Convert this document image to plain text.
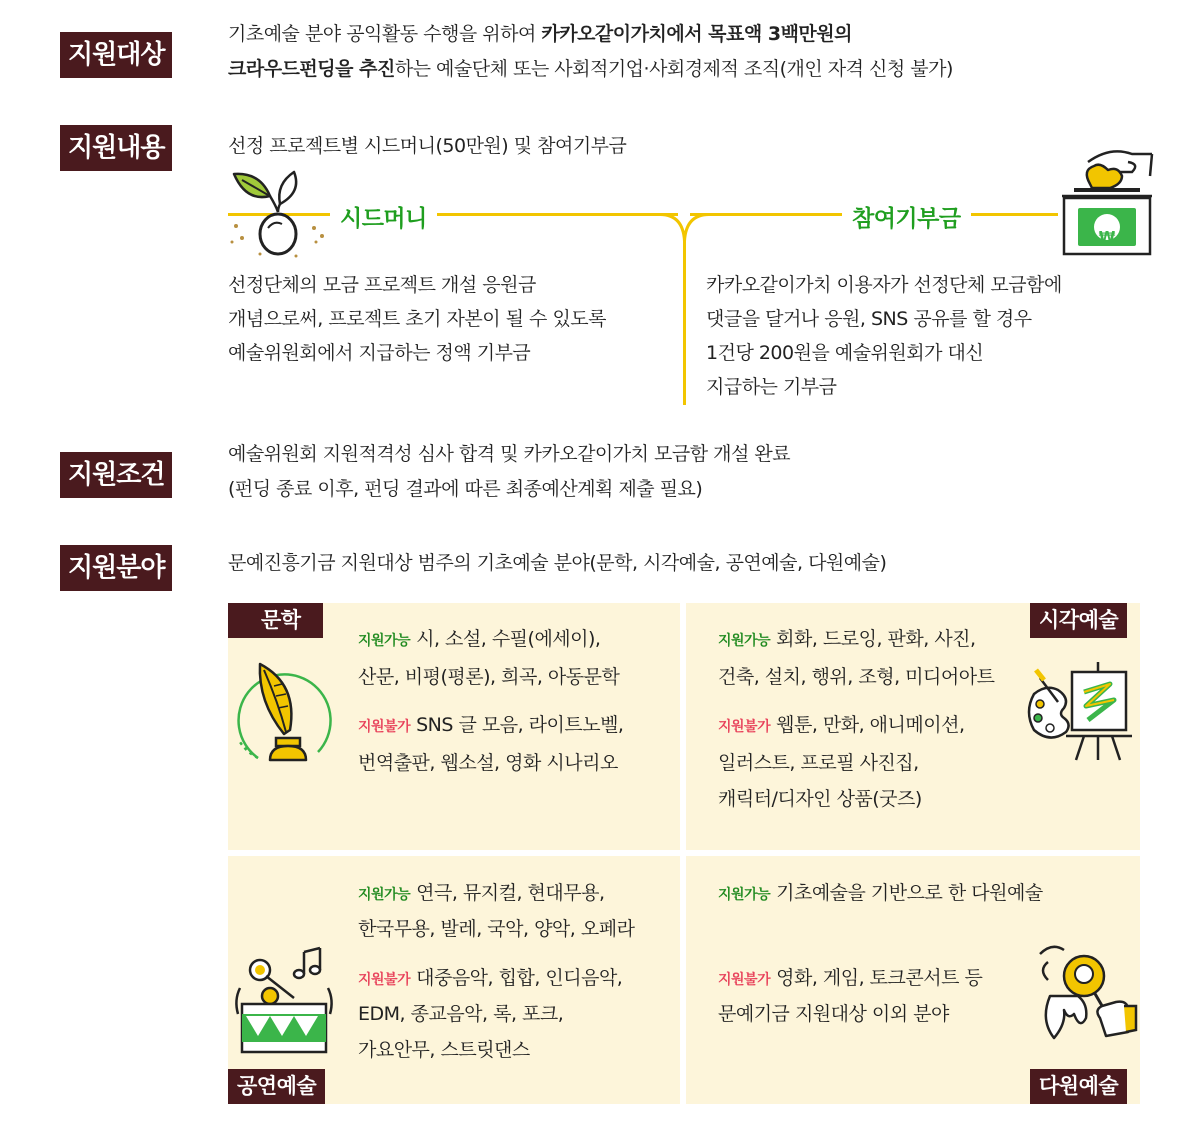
지원대상
기초예술 분야 공익활동 수행을 위하여 카카오같이가치에서 목표액 3백만원의
크라우드펀딩을 추진하는 예술단체 또는 사회적기업·사회경제적 조직(개인 자격 신청 불가)
지원내용	선정 프로젝트별 시드머니(50만원) 및 참여기부금
시드머니	참여기부금
₩
선정단체의 모금 프로젝트 개설 응원금
개념으로써, 프로젝트 초기 자본이 될 수 있도록
예술위원회에서 지급하는 정액 기부금
카카오같이가치 이용자가 선정단체 모금함에
댓글을 달거나 응원, SNS 공유를 할 경우
1건당 200원을 예술위원회가 대신
지급하는 기부금
지원조건
예술위원회 지원적격성 심사 합격 및 카카오같이가치 모금함 개설 완료
(펀딩 종료 이후, 펀딩 결과에 따른 최종예산계획 제출 필요)
지원분야	문예진흥기금 지원대상 범주의 기초예술 분야(문학, 시각예술, 공연예술, 다원예술)
문학	시각예술
공연예술	다원예술
지원가능 시, 소설, 수필(에세이),
산문, 비평(평론), 희곡, 아동문학
지원불가 SNS 글 모음, 라이트노벨,
번역출판, 웹소설, 영화 시나리오
지원가능 회화, 드로잉, 판화, 사진,
건축, 설치, 행위, 조형, 미디어아트
지원불가 웹툰, 만화, 애니메이션,
일러스트, 프로필 사진집,
캐릭터/디자인 상품(굿즈)
지원가능 연극, 뮤지컬, 현대무용,
한국무용, 발레, 국악, 양악, 오페라
지원불가 대중음악, 힙합, 인디음악,
EDM, 종교음악, 록, 포크,
가요안무, 스트릿댄스
지원가능 기초예술을 기반으로 한 다원예술
지원불가 영화, 게임, 토크콘서트 등
문예기금 지원대상 이외 분야
